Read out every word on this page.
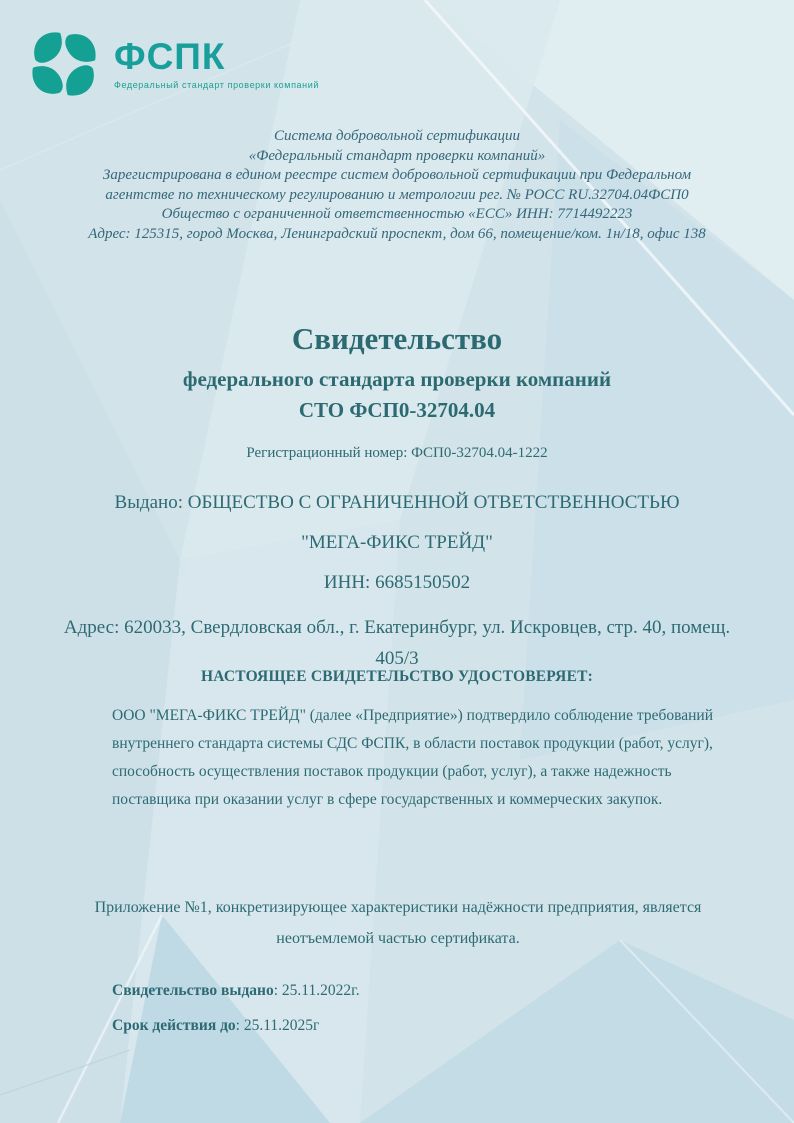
ФСПК
Федеральный стандарт проверки компаний
Система добровольной сертификации
«Федеральный стандарт проверки компаний»
Зарегистрирована в едином реестре систем добровольной сертификации при Федеральном
агентстве по техническому регулированию и метрологии рег. № РОСС RU.32704.04ФСП0
Общество с ограниченной ответственностью «ЕСС» ИНН: 7714492223
Адрес: 125315, город Москва, Ленинградский проспект, дом 66, помещение/ком. 1н/18, офис 138
Свидетельство
федерального стандарта проверки компаний
СТО ФСП0-32704.04
Регистрационный номер: ФСП0-32704.04-1222
Выдано: ОБЩЕСТВО С ОГРАНИЧЕННОЙ ОТВЕТСТВЕННОСТЬЮ
"МЕГА-ФИКС ТРЕЙД"
ИНН: 6685150502
Адрес: 620033, Свердловская обл., г. Екатеринбург, ул. Искровцев, стр. 40, помещ. 405/3
НАСТОЯЩЕЕ СВИДЕТЕЛЬСТВО УДОСТОВЕРЯЕТ:
ООО "МЕГА-ФИКС ТРЕЙД" (далее «Предприятие») подтвердило соблюдение требований внутреннего стандарта системы СДС ФСПК, в области поставок продукции (работ, услуг), способность осуществления поставок продукции (работ, услуг), а также надежность поставщика при оказании услуг в сфере государственных и коммерческих закупок.
Приложение №1, конкретизирующее характеристики надёжности предприятия, является неотъемлемой частью сертификата.
Свидетельство выдано: 25.11.2022г.
Срок действия до: 25.11.2025г
